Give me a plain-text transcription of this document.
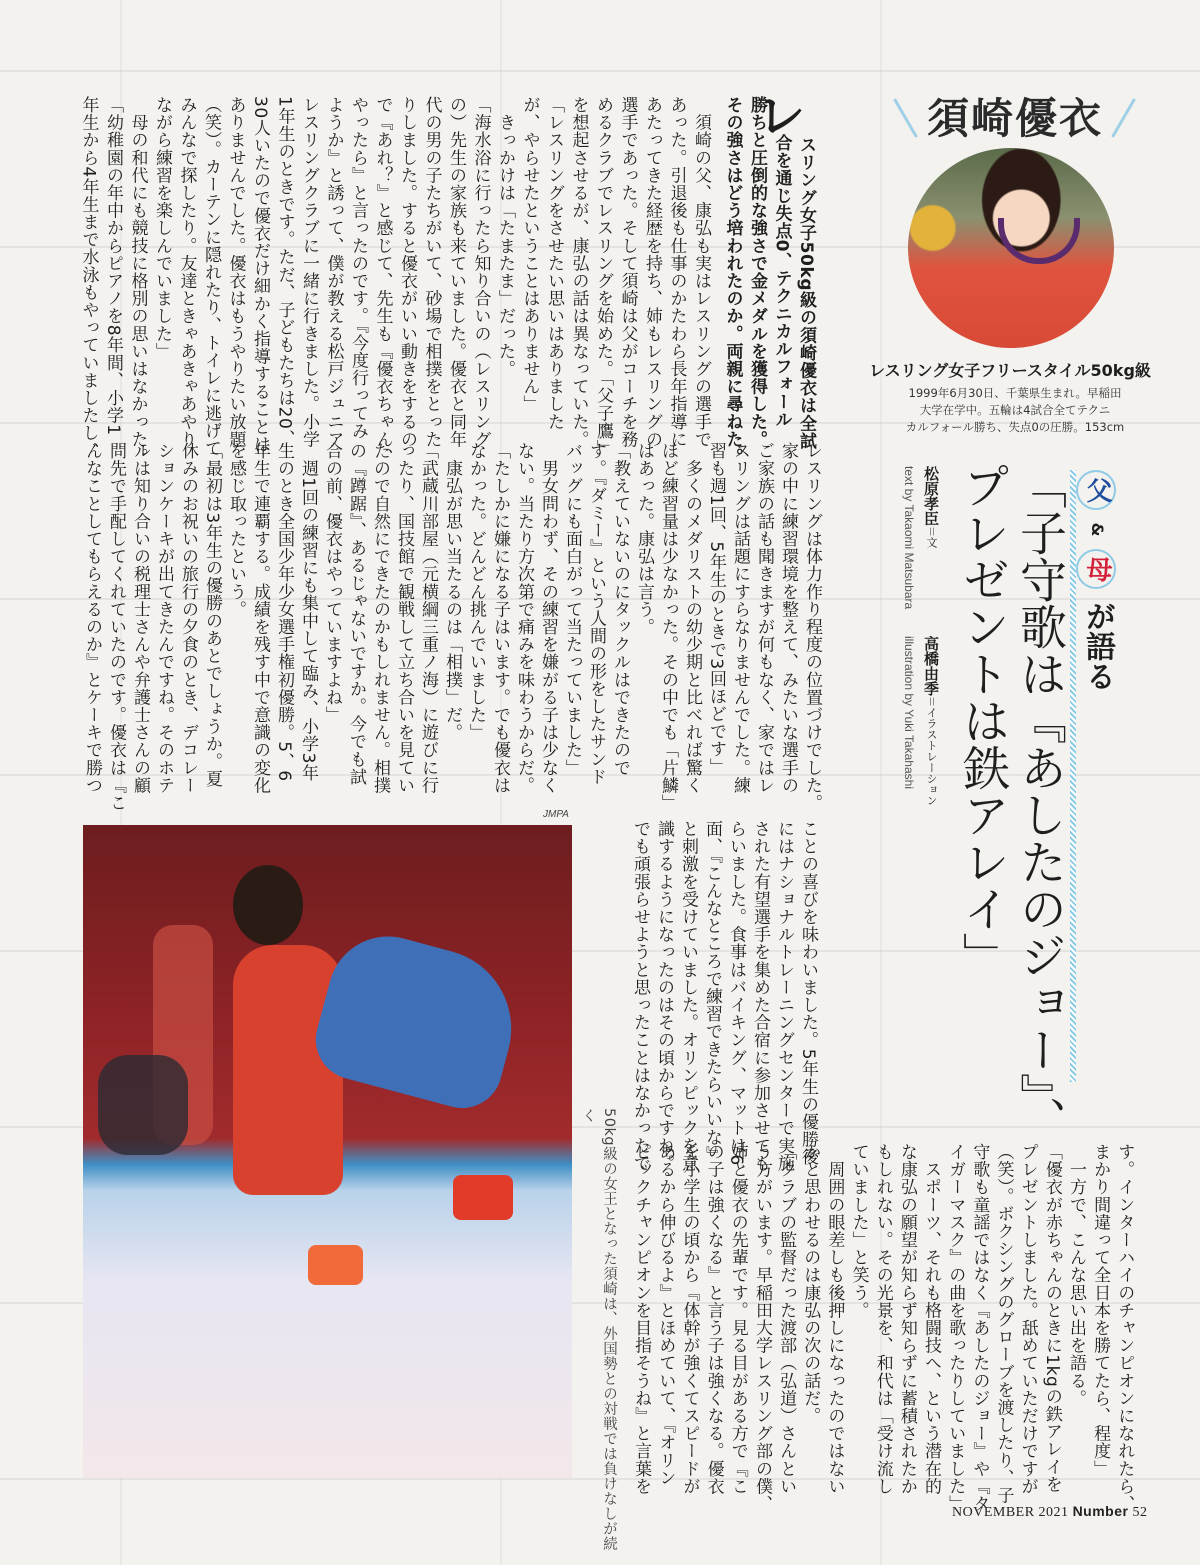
須崎優衣
レスリング女子フリースタイル50kg級
1999年6月30日、千葉県生まれ。早稲田
大学在学中。五輪は4試合全てテクニ
カルフォール勝ち、失点0の圧勝。153cm
父 & 母 が語る
「子守歌は『あしたのジョー』、
プレゼントは鉄アレイ」
松原孝臣＝文
text by Takaomi Matsubara
高橋由季＝イラストレーション
illustration by Yuki Takahashi
レ
スリング女子50kg級の須崎優衣は全試
合を通じ失点0、テクニカルフォール
勝ちと圧倒的な強さで金メダルを獲得した。
その強さはどう培われたのか。両親に尋ねた。
　須崎の父、康弘も実はレスリングの選手で
あった。引退後も仕事のかたわら長年指導に
あたってきた経歴を持ち、姉もレスリングの
選手であった。そして須崎は父がコーチを務
めるクラブでレスリングを始めた。「父子鷹」
を想起させるが、康弘の話は異なっていた。
「レスリングをさせたい思いはありました
が、やらせたということはありません」
　きっかけは「たまたま」だった。
「海水浴に行ったら知り合いの（レスリング
の）先生の家族も来ていました。優衣と同年
代の男の子たちがいて、砂場で相撲をとった
りしました。すると優衣がいい動きをするの
で『あれ？』と感じて、先生も『優衣ちゃん、
やったら』と言ったのです。『今度行ってみ
ようか』と誘って、僕が教える松戸ジュニア
レスリングクラブに一緒に行きました。小学
1年生のときです。ただ、子どもたちは20、
30人いたので優衣だけ細かく指導することは
ありませんでした。優衣はもうやりたい放題
（笑）。カーテンに隠れたり、トイレに逃げて
みんなで探したり。友達ときゃあきゃあやり
ながら練習を楽しんでいました」
　母の和代にも競技に格別の思いはなかった。
「幼稚園の年中からピアノを8年間、小学1
年生から4年生まで水泳もやっていましたし、
レスリングは体力作り程度の位置づけでした。
家の中に練習環境を整えて、みたいな選手の
ご家族の話も聞きますが何もなく、家ではレ
スリングは話題にすらなりませんでした。練
習も週1回、5年生のときで3回ほどです」
　多くのメダリストの幼少期と比べれば驚く
ほど練習量は少なかった。その中でも「片鱗」
はあった。康弘は言う。
「教えていないのにタックルはできたので
す。『ダミー』という人間の形をしたサンド
バッグにも面白がって当たっていました」
　男女問わず、その練習を嫌がる子は少なく
ない。当たり方次第で痛みを味わうからだ。
「たしかに嫌になる子はいます。でも優衣は
なかった。どんどん挑んでいました」
　康弘が思い当たるのは「相撲」だ。
「武蔵川部屋（元横綱三重ノ海）に遊びに行
ったり、国技館で観戦して立ち合いを見てい
たので自然にできたのかもしれません。相撲
の『蹲踞』、あるじゃないですか。今でも試
合の前、優衣はやっていますよね」
　週1回の練習にも集中して臨み、小学3年
生のとき全国少年少女選手権初優勝。5、6
年生で連覇する。成績を残す中で意識の変化
を感じ取ったという。
「最初は3年生の優勝のあとでしょうか。夏
休みのお祝いの旅行の夕食のとき、デコレー
ションケーキが出てきたんですね。そのホテ
ルは知り合いの税理士さんや弁護士さんの顧
問先で手配してくれていたのです。優衣は『こ
んなことしてもらえるのか』とケーキで勝つ
ことの喜びを味わいました。5年生の優勝後
にはナショナルトレーニングセンターで実施
された有望選手を集めた合宿に参加させても
らいました。食事はバイキング、マットは6
面、『こんなところで練習できたらいいな』
と刺激を受けていました。オリンピックを意
識するようになったのはその頃からですね。
でも頑張らせようと思ったことはなかったで
す。インターハイのチャンピオンになれたら、
まかり間違って全日本を勝てたら、程度」
　一方で、こんな思い出を語る。
「優衣が赤ちゃんのときに1kgの鉄アレイを
プレゼントしました。舐めていただけですが
（笑）。ボクシングのグローブを渡したり、子
守歌も童謡ではなく『あしたのジョー』や『タ
イガーマスク』の曲を歌ったりしていました」
　スポーツ、それも格闘技へ、という潜在的
な康弘の願望が知らず知らずに蓄積されたか
もしれない。その光景を、和代は「受け流し
ていました」と笑う。
　周囲の眼差しも後押しになったのではない
かと思わせるのは康弘の次の話だ。
「クラブの監督だった渡部（弘道）さんとい
う方がいます。早稲田大学レスリング部の僕、
姉と優衣の先輩です。見る目がある方で『こ
の子は強くなる』と言う子は強くなる。優衣
を小学生の頃から『体幹が強くてスピードが
あるから伸びるよ』とほめていて、『オリン
ピックチャンピオンを目指そうね』と言葉を
JMPA
50kg級の女王となった須崎は、外国勢との対戦では負けなしが続く
NOVEMBER 2021 Number 52
